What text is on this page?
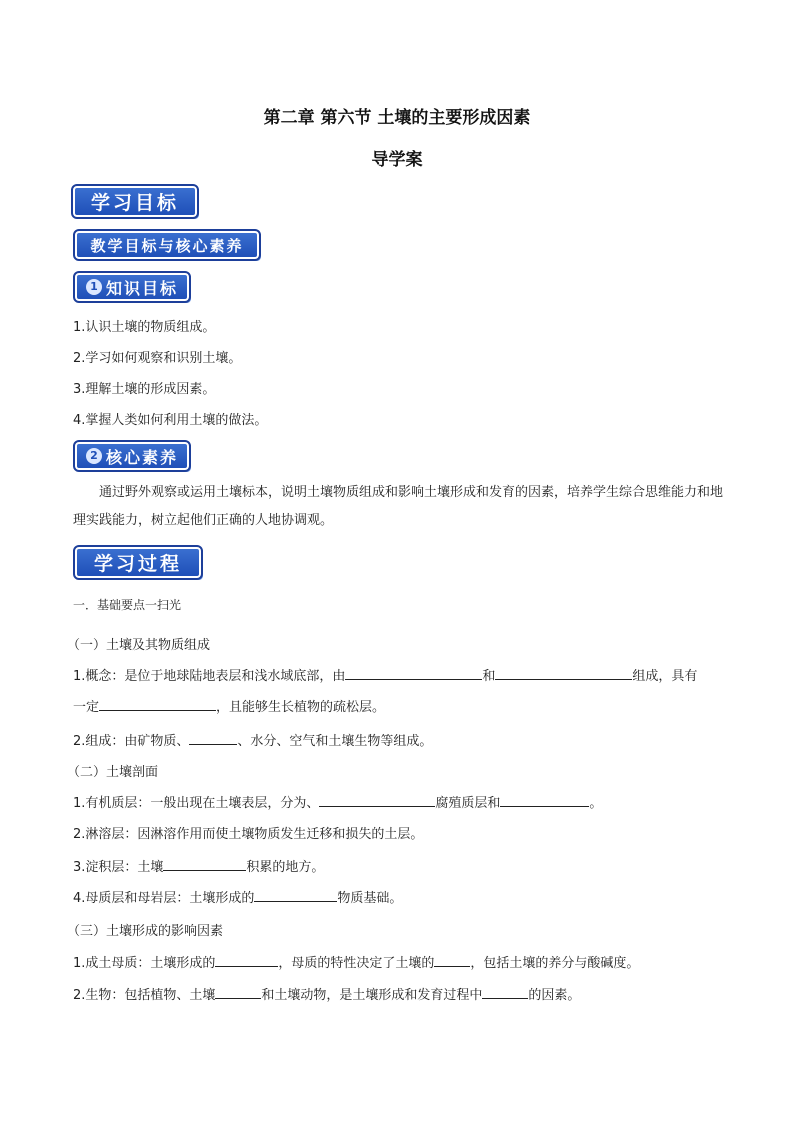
第二章 第六节 土壤的主要形成因素
导学案
学习目标
教学目标与核心素养
1 知识目标
1.认识土壤的物质组成。
2.学习如何观察和识别土壤。
3.理解土壤的形成因素。
4.掌握人类如何利用土壤的做法。
2 核心素养
通过野外观察或运用土壤标本，说明土壤物质组成和影响土壤形成和发育的因素，培养学生综合思维能力和地理实践能力，树立起他们正确的人地协调观。
学习过程
一．基础要点一扫光
（一）土壤及其物质组成
1.概念：是位于地球陆地表层和浅水域底部，由	和	组成，具有
一定	，且能够生长植物的疏松层。
2.组成：由矿物质、	、水分、空气和土壤生物等组成。
（二）土壤剖面
1.有机质层：一般出现在土壤表层，分为、	腐殖质层和	。
2.淋溶层：因淋溶作用而使土壤物质发生迁移和损失的土层。
3.淀积层：土壤	积累的地方。
4.母质层和母岩层：土壤形成的	物质基础。
（三）土壤形成的影响因素
1.成土母质：土壤形成的	，母质的特性决定了土壤的	，包括土壤的养分与酸碱度。
2.生物：包括植物、土壤	和土壤动物，是土壤形成和发育过程中	的因素。
